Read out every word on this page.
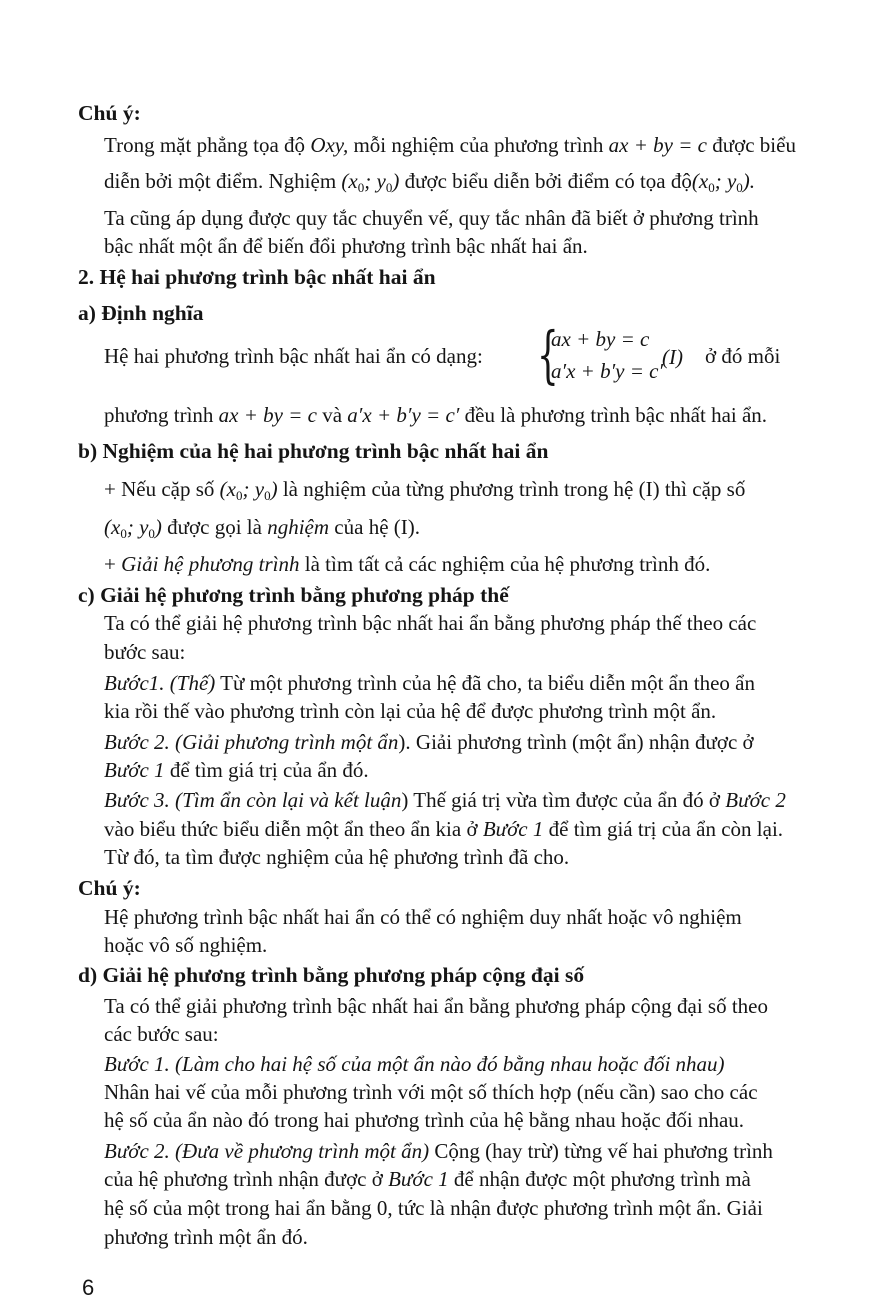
Chú ý:
Trong mặt phẳng tọa độ Oxy, mỗi nghiệm của phương trình ax + by = c được biểu
diễn bởi một điểm. Nghiệm ($x_0$; $y_0$) được biểu diễn bởi điểm có tọa $độ(x_0$; $y_0$).
Ta cũng áp dụng được quy tắc chuyển vế, quy tắc nhân đã biết ở phương trình
bậc nhất một ẩn để biến đổi phương trình bậc nhất hai ẩn.
2. Hệ hai phương trình bậc nhất hai ẩn
a) Định nghĩa
Hệ hai phương trình bậc nhất hai ẩn có dạng: {
ax + by = c
a′x + b′y = c′
(I) ở đó mỗi
phương trình ax + by = c và a′x + b′y = c′ đều là phương trình bậc nhất hai ẩn.
b) Nghiệm của hệ hai phương trình bậc nhất hai ẩn
+ Nếu cặp số ($x_0$; $y_0$) là nghiệm của từng phương trình trong hệ (I) thì cặp số
($x_0$; $y_0$) được gọi là nghiệm của hệ (I).
+ Giải hệ phương trình là tìm tất cả các nghiệm của hệ phương trình đó.
c) Giải hệ phương trình bằng phương pháp thế
Ta có thể giải hệ phương trình bậc nhất hai ẩn bằng phương pháp thế theo các
bước sau:
Bước1. (Thế) Từ một phương trình của hệ đã cho, ta biểu diễn một ẩn theo ẩn
kia rồi thế vào phương trình còn lại của hệ để được phương trình một ẩn.
Bước 2. (Giải phương trình một ẩn). Giải phương trình (một ẩn) nhận được ở
Bước 1 để tìm giá trị của ẩn đó.
Bước 3. (Tìm ẩn còn lại và kết luận) Thế giá trị vừa tìm được của ẩn đó ở Bước 2
vào biểu thức biểu diễn một ẩn theo ẩn kia ở Bước 1 để tìm giá trị của ẩn còn lại.
Từ đó, ta tìm được nghiệm của hệ phương trình đã cho.
Chú ý:
Hệ phương trình bậc nhất hai ẩn có thể có nghiệm duy nhất hoặc vô nghiệm
hoặc vô số nghiệm.
d) Giải hệ phương trình bằng phương pháp cộng đại số
Ta có thể giải phương trình bậc nhất hai ẩn bằng phương pháp cộng đại số theo
các bước sau:
Bước 1. (Làm cho hai hệ số của một ẩn nào đó bằng nhau hoặc đối nhau)
Nhân hai vế của mỗi phương trình với một số thích hợp (nếu cần) sao cho các
hệ số của ẩn nào đó trong hai phương trình của hệ bằng nhau hoặc đối nhau.
Bước 2. (Đưa về phương trình một ẩn) Cộng (hay trừ) từng vế hai phương trình
của hệ phương trình nhận được ở Bước 1 để nhận được một phương trình mà
hệ số của một trong hai ẩn bằng 0, tức là nhận được phương trình một ẩn. Giải
phương trình một ẩn đó.
6
